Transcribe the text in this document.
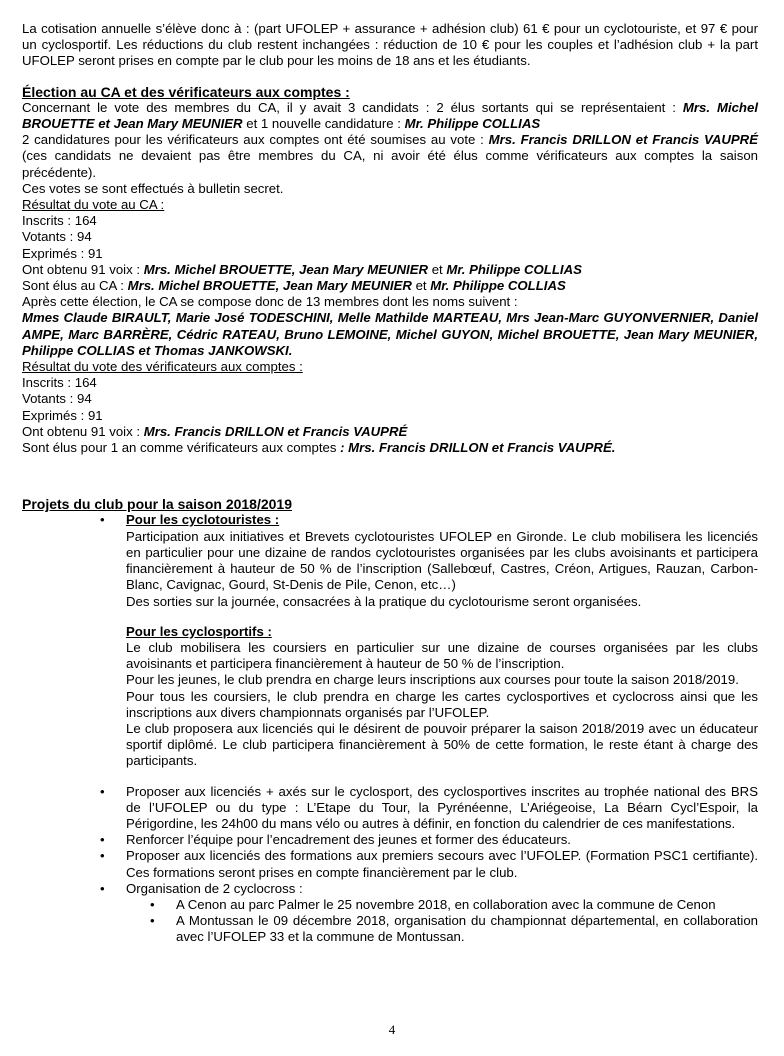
La cotisation annuelle s’élève donc à : (part UFOLEP + assurance + adhésion club) 61 € pour un cyclotouriste, et 97 € pour un cyclosportif. Les réductions du club restent inchangées : réduction de 10 € pour les couples et l’adhésion club + la part UFOLEP seront prises en compte par le club pour les moins de 18 ans et les étudiants.

Élection au CA et des vérificateurs aux comptes :

Concernant le vote des membres du CA, il y avait 3 candidats : 2 élus sortants qui se représentaient : Mrs. Michel BROUETTE et Jean Mary MEUNIER et 1 nouvelle candidature : Mr. Philippe COLLIAS

2 candidatures pour les vérificateurs aux comptes ont été soumises au vote : Mrs. Francis DRILLON et Francis VAUPRÉ (ces candidats ne devaient pas être membres du CA, ni avoir été élus comme vérificateurs aux comptes la saison précédente).

Ces votes se sont effectués à bulletin secret.

Résultat du vote au CA :

Inscrits : 164

Votants : 94

Exprimés : 91

Ont obtenu 91 voix : Mrs. Michel BROUETTE, Jean Mary MEUNIER et Mr. Philippe COLLIAS

Sont élus au CA : Mrs. Michel BROUETTE, Jean Mary MEUNIER et Mr. Philippe COLLIAS

Après cette élection, le CA se compose donc de 13 membres dont les noms suivent :

Mmes Claude BIRAULT, Marie José TODESCHINI, Melle Mathilde MARTEAU, Mrs Jean-Marc GUYONVERNIER, Daniel AMPE, Marc BARRÈRE, Cédric RATEAU, Bruno LEMOINE, Michel GUYON, Michel BROUETTE, Jean Mary MEUNIER, Philippe COLLIAS et Thomas JANKOWSKI.

Résultat du vote des vérificateurs aux comptes :

Inscrits : 164

Votants : 94

Exprimés : 91

Ont obtenu 91 voix : Mrs. Francis DRILLON et Francis VAUPRÉ

Sont élus pour 1 an comme vérificateurs aux comptes : Mrs. Francis DRILLON et Francis VAUPRÉ.

Projets du club pour la saison 2018/2019

• Pour les cyclotouristes :

Participation aux initiatives et Brevets cyclotouristes UFOLEP en Gironde. Le club mobilisera les licenciés en particulier pour une dizaine de randos cyclotouristes organisées par les clubs avoisinants et participera financièrement à hauteur de 50 % de l’inscription (Sallebœuf, Castres, Créon, Artigues, Rauzan, Carbon-Blanc, Cavignac, Gourd, St-Denis de Pile, Cenon, etc…)

Des sorties sur la journée, consacrées à la pratique du cyclotourisme seront organisées.

Pour les cyclosportifs :

Le club mobilisera les coursiers en particulier sur une dizaine de courses organisées par les clubs avoisinants et participera financièrement à hauteur de 50 % de l’inscription.

Pour les jeunes, le club prendra en charge leurs inscriptions aux courses pour toute la saison 2018/2019.

Pour tous les coursiers, le club prendra en charge les cartes cyclosportives et cyclocross ainsi que les inscriptions aux divers championnats organisés par l’UFOLEP.

Le club proposera aux licenciés qui le désirent de pouvoir préparer la saison 2018/2019 avec un éducateur sportif diplômé. Le club participera financièrement à 50% de cette formation, le reste étant à charge des participants.

• Proposer aux licenciés + axés sur le cyclosport, des cyclosportives inscrites au trophée national des BRS de l’UFOLEP ou du type : L’Etape du Tour, la Pyrénéenne, L’Ariégeoise, La Béarn Cycl’Espoir, la Périgordine, les 24h00 du mans vélo ou autres à définir, en fonction du calendrier de ces manifestations.

• Renforcer l’équipe pour l’encadrement des jeunes et former des éducateurs.

• Proposer aux licenciés des formations aux premiers secours avec l’UFOLEP. (Formation PSC1 certifiante). Ces formations seront prises en compte financièrement par le club.

• Organisation de 2 cyclocross :

• A Cenon au parc Palmer le 25 novembre 2018, en collaboration avec la commune de Cenon

• A Montussan le 09 décembre 2018, organisation du championnat départemental, en collaboration avec l’UFOLEP 33 et la commune de Montussan.

4
